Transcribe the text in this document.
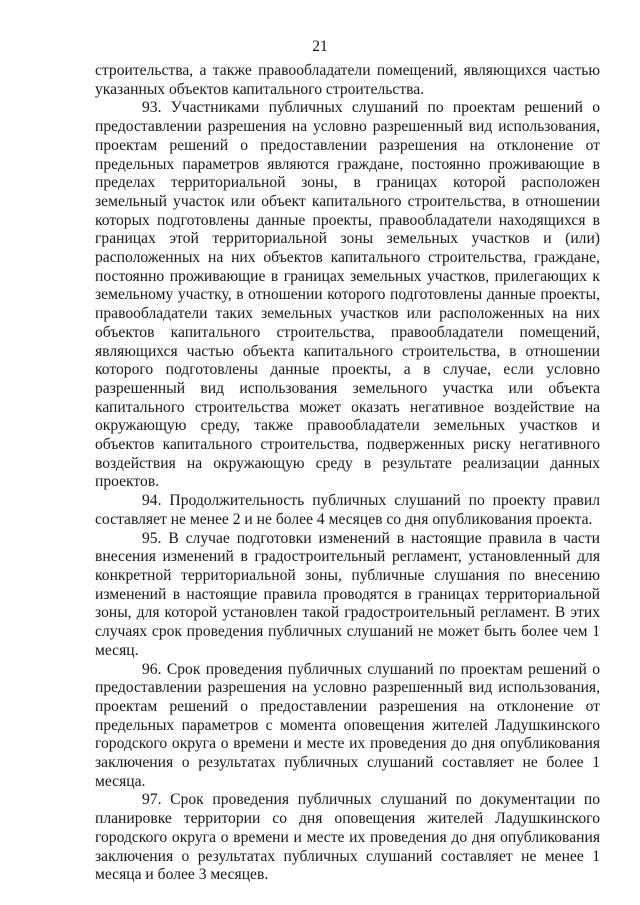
21

строительства, а также правообладатели помещений, являющихся частью указанных объектов капитального строительства.

93. Участниками публичных слушаний по проектам решений о предоставлении разрешения на условно разрешенный вид использования, проектам решений о предоставлении разрешения на отклонение от предельных параметров являются граждане, постоянно проживающие в пределах территориальной зоны, в границах которой расположен земельный участок или объект капитального строительства, в отношении которых подготовлены данные проекты, правообладатели находящихся в границах этой территориальной зоны земельных участков и (или) расположенных на них объектов капитального строительства, граждане, постоянно проживающие в границах земельных участков, прилегающих к земельному участку, в отношении которого подготовлены данные проекты, правообладатели таких земельных участков или расположенных на них объектов капитального строительства, правообладатели помещений, являющихся частью объекта капитального строительства, в отношении которого подготовлены данные проекты, а в случае, если условно разрешенный вид использования земельного участка или объекта капитального строительства может оказать негативное воздействие на окружающую среду, также правообладатели земельных участков и объектов капитального строительства, подверженных риску негативного воздействия на окружающую среду в результате реализации данных проектов.

94. Продолжительность публичных слушаний по проекту правил составляет не менее 2 и не более 4 месяцев со дня опубликования проекта.

95. В случае подготовки изменений в настоящие правила в части внесения изменений в градостроительный регламент, установленный для конкретной территориальной зоны, публичные слушания по внесению изменений в настоящие правила проводятся в границах территориальной зоны, для которой установлен такой градостроительный регламент. В этих случаях срок проведения публичных слушаний не может быть более чем 1 месяц.

96. Срок проведения публичных слушаний по проектам решений о предоставлении разрешения на условно разрешенный вид использования, проектам решений о предоставлении разрешения на отклонение от предельных параметров с момента оповещения жителей Ладушкинского городского округа о времени и месте их проведения до дня опубликования заключения о результатах публичных слушаний составляет не более 1 месяца.

97. Срок проведения публичных слушаний по документации по планировке территории со дня оповещения жителей Ладушкинского городского округа о времени и месте их проведения до дня опубликования заключения о результатах публичных слушаний составляет не менее 1 месяца и более 3 месяцев.
